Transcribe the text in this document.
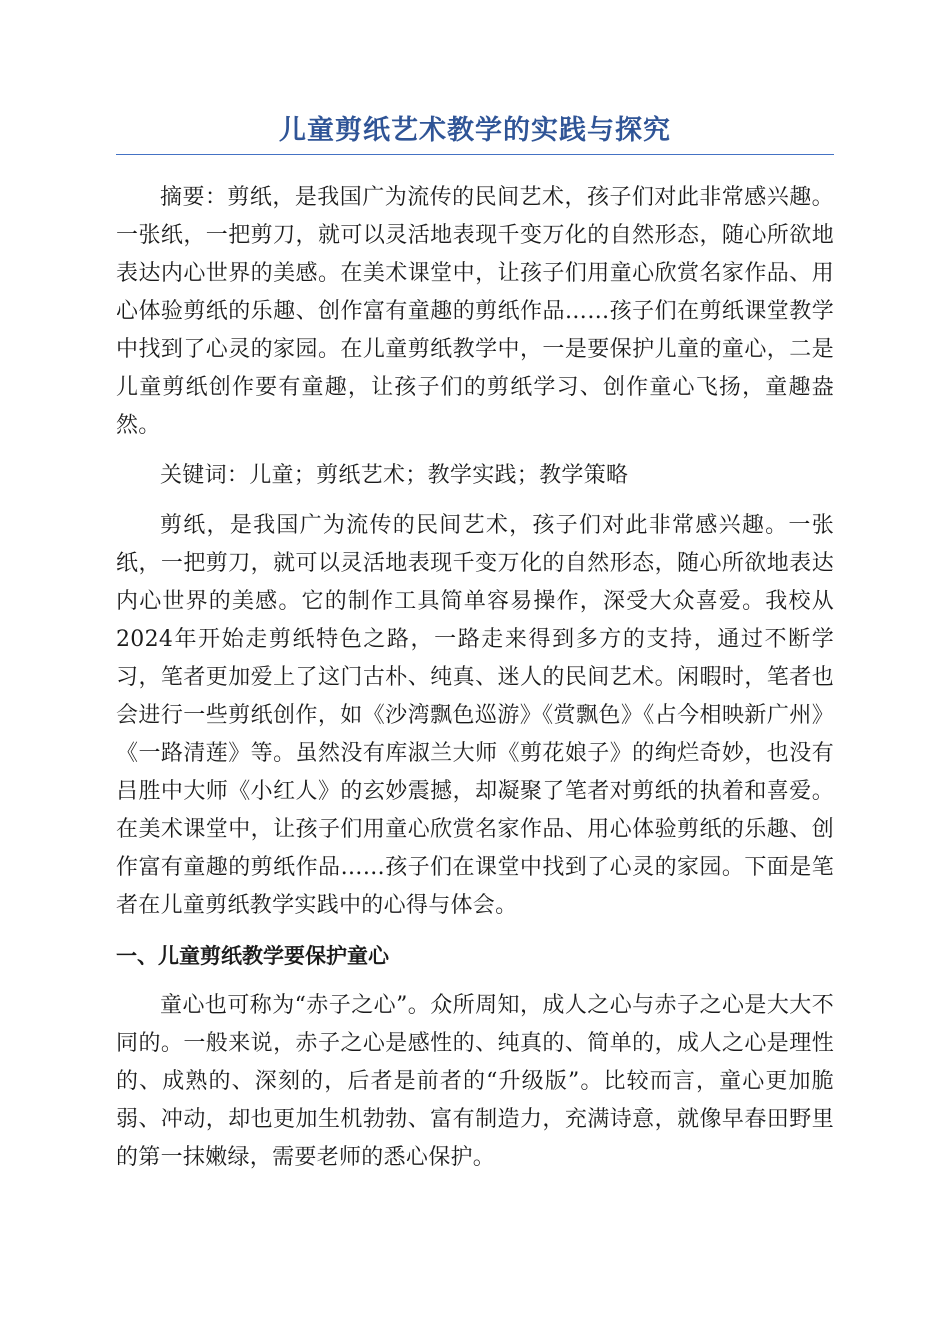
儿童剪纸艺术教学的实践与探究

摘要：剪纸，是我国广为流传的民间艺术，孩子们对此非常感兴趣。一张纸，一把剪刀，就可以灵活地表现千变万化的自然形态，随心所欲地表达内心世界的美感。在美术课堂中，让孩子们用童心欣赏名家作品、用心体验剪纸的乐趣、创作富有童趣的剪纸作品……孩子们在剪纸课堂教学中找到了心灵的家园。在儿童剪纸教学中，一是要保护儿童的童心，二是儿童剪纸创作要有童趣，让孩子们的剪纸学习、创作童心飞扬，童趣盎然。

关键词：儿童；剪纸艺术；教学实践；教学策略

剪纸，是我国广为流传的民间艺术，孩子们对此非常感兴趣。一张纸，一把剪刀，就可以灵活地表现千变万化的自然形态，随心所欲地表达内心世界的美感。它的制作工具简单容易操作，深受大众喜爱。我校从2024年开始走剪纸特色之路，一路走来得到多方的支持，通过不断学习，笔者更加爱上了这门古朴、纯真、迷人的民间艺术。闲暇时，笔者也会进行一些剪纸创作，如《沙湾飘色巡游》《赏飘色》《占今相映新广州》《一路清莲》等。虽然没有库淑兰大师《剪花娘子》的绚烂奇妙，也没有吕胜中大师《小红人》的玄妙震撼，却凝聚了笔者对剪纸的执着和喜爱。在美术课堂中，让孩子们用童心欣赏名家作品、用心体验剪纸的乐趣、创作富有童趣的剪纸作品……孩子们在课堂中找到了心灵的家园。下面是笔者在儿童剪纸教学实践中的心得与体会。

一、儿童剪纸教学要保护童心

童心也可称为“赤子之心”。众所周知，成人之心与赤子之心是大大不同的。一般来说，赤子之心是感性的、纯真的、简单的，成人之心是理性的、成熟的、深刻的，后者是前者的“升级版”。比较而言，童心更加脆弱、冲动，却也更加生机勃勃、富有制造力，充满诗意，就像早春田野里的第一抹嫩绿，需要老师的悉心保护。
